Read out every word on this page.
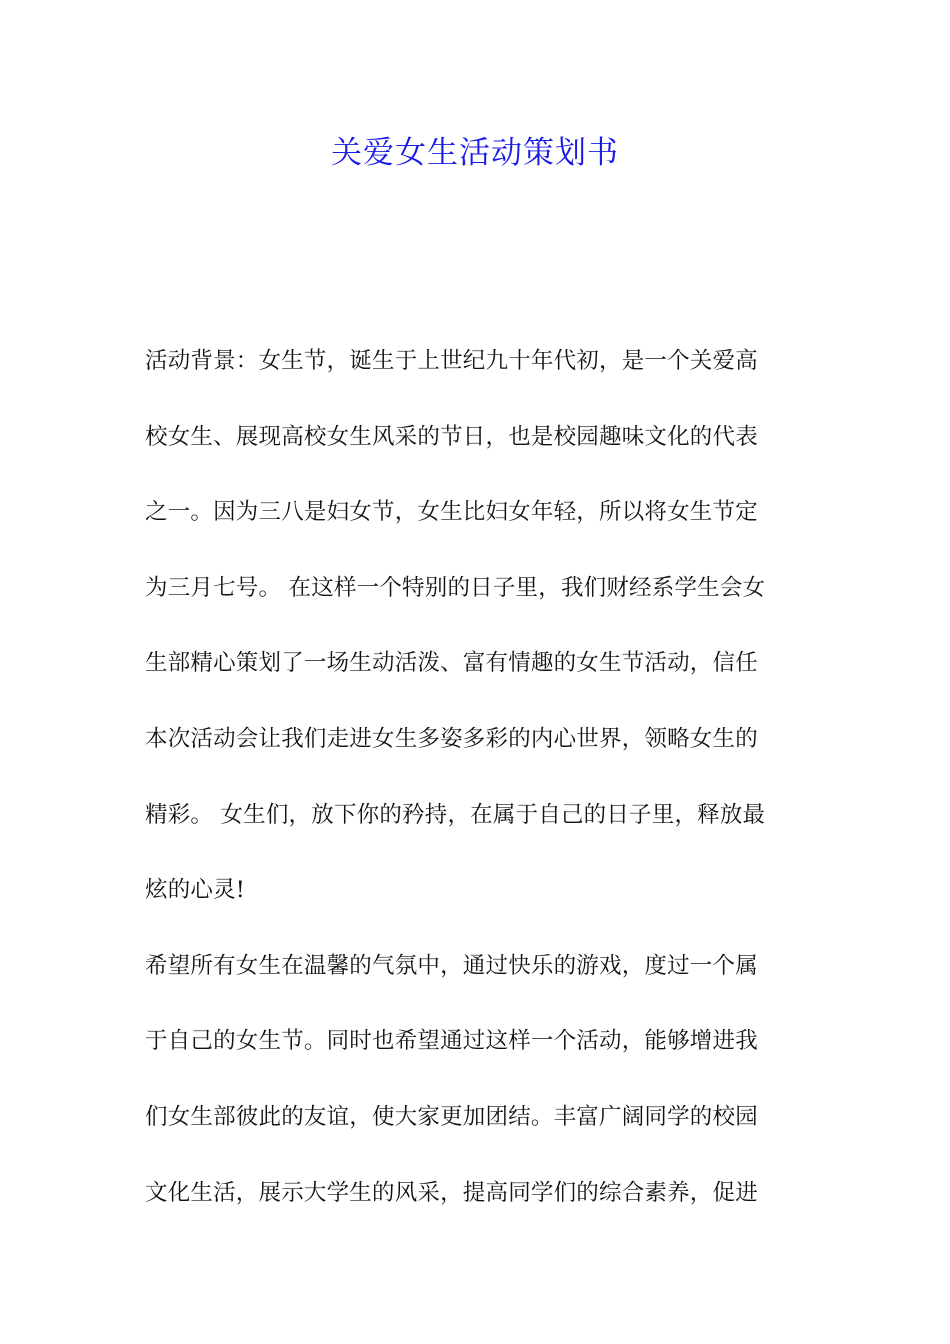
关爱女生活动策划书
活动背景：女生节，诞生于上世纪九十年代初，是一个关爱高
校女生、展现高校女生风采的节日，也是校园趣味文化的代表
之一。因为三八是妇女节，女生比妇女年轻，所以将女生节定
为三月七号。 在这样一个特别的日子里，我们财经系学生会女
生部精心策划了一场生动活泼、富有情趣的女生节活动，信任
本次活动会让我们走进女生多姿多彩的内心世界，领略女生的
精彩。 女生们，放下你的矜持，在属于自己的日子里，释放最
炫的心灵!
希望所有女生在温馨的气氛中，通过快乐的游戏，度过一个属
于自己的女生节。同时也希望通过这样一个活动，能够增进我
们女生部彼此的友谊，使大家更加团结。丰富广阔同学的校园
文化生活，展示大学生的风采，提高同学们的综合素养，促进
